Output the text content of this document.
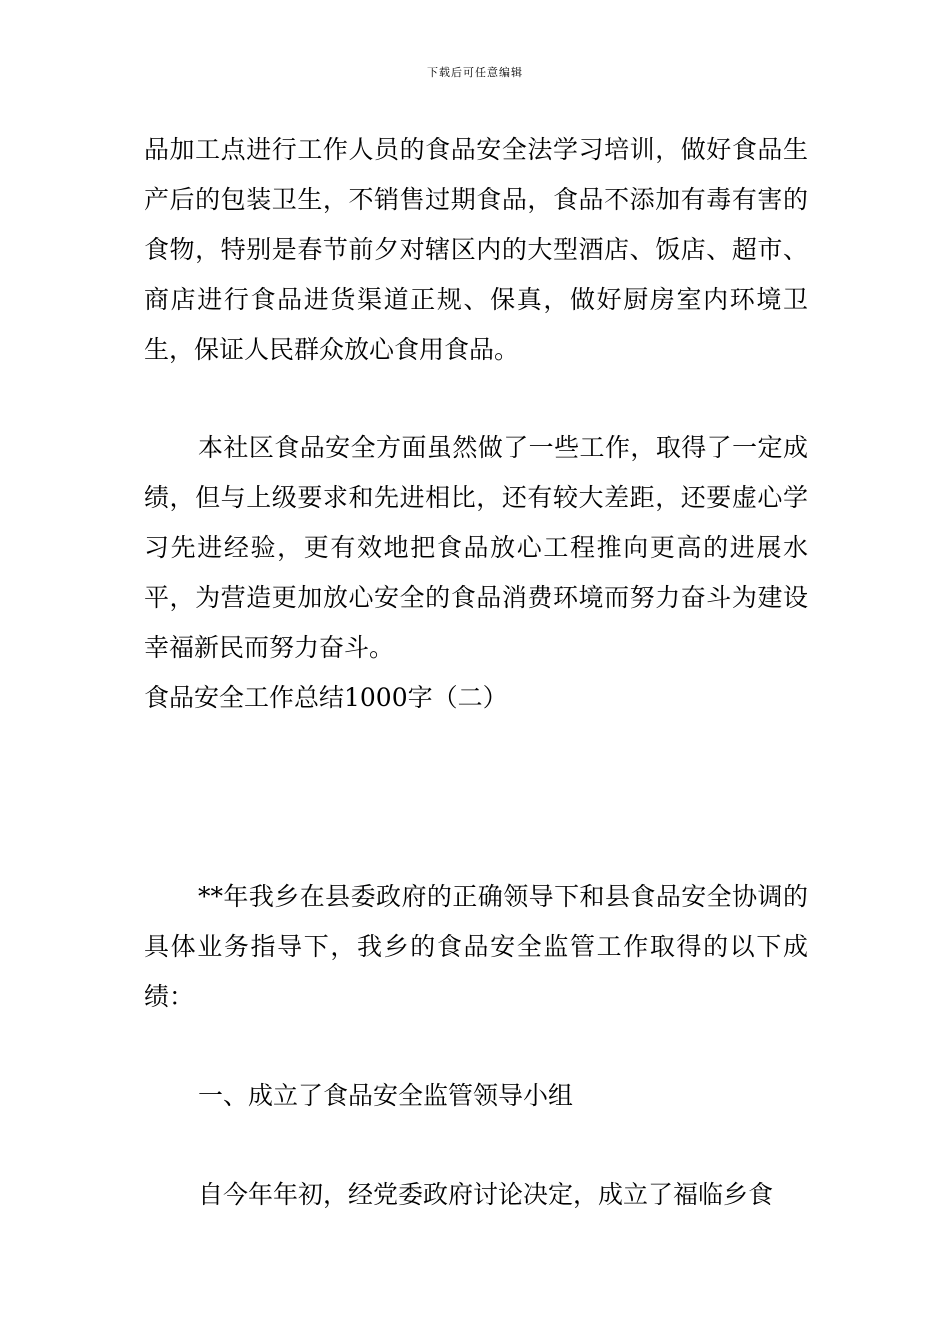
下载后可任意编辑

品加工点进行工作人员的食品安全法学习培训，做好食品生产后的包装卫生，不销售过期食品，食品不添加有毒有害的食物，特别是春节前夕对辖区内的大型酒店、饭店、超市、商店进行食品进货渠道正规、保真，做好厨房室内环境卫生，保证人民群众放心食用食品。

本社区食品安全方面虽然做了一些工作，取得了一定成绩，但与上级要求和先进相比，还有较大差距，还要虚心学习先进经验，更有效地把食品放心工程推向更高的进展水平，为营造更加放心安全的食品消费环境而努力奋斗为建设幸福新民而努力奋斗。

食品安全工作总结1000字（二）

**年我乡在县委政府的正确领导下和县食品安全协调的具体业务指导下，我乡的食品安全监管工作取得的以下成绩：

一、成立了食品安全监管领导小组

自今年年初，经党委政府讨论决定，成立了福临乡食
